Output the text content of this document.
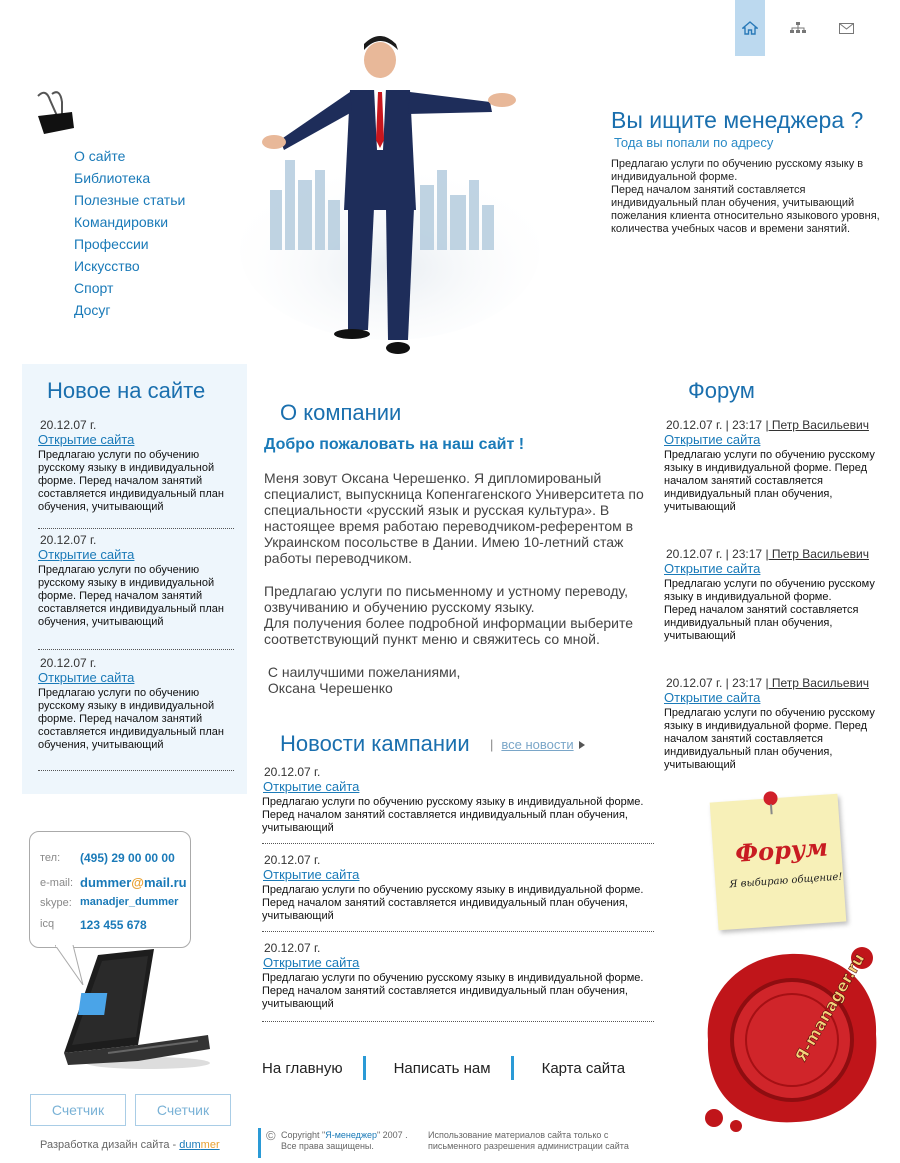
О сайте
Библиотека
Полезные статьи
Командировки
Профессии
Искусство
Спорт
Досуг
Вы ищите менеджера ?
Тода вы попали по адресу
Предлагаю услуги по обучению русскому языку в индивидуальной форме.
Перед началом занятий составляется индивидуальный план обучения, учитывающий пожелания клиента относительно языкового уровня, количества учебных часов и времени занятий.
Новое на сайте
20.12.07 г.
Открытие сайта
Предлагаю услуги по обучению русскому языку в индивидуальной форме. Перед началом занятий составляется индивидуальный план обучения, учитывающий
20.12.07 г.
Открытие сайта
Предлагаю услуги по обучению русскому языку в индивидуальной форме. Перед началом занятий составляется индивидуальный план обучения, учитывающий
20.12.07 г.
Открытие сайта
Предлагаю услуги по обучению русскому языку в индивидуальной форме. Перед началом занятий составляется индивидуальный план обучения, учитывающий
О компании
Добро пожаловать на наш сайт !
Меня зовут Оксана Черешенко. Я дипломированый специалист, выпускница Копенгагенского Университета по специальности «русский язык и русская культура». В настоящее время работаю переводчиком-референтом в Украинском посольстве в Дании. Имею 10-летний стаж работы переводчиком.
Предлагаю услуги по письменному и устному переводу, озвучиванию и обучению русскому языку.
Для получения более подробной информации выберите соответствующий пункт меню и свяжитесь со мной.
С наилучшими пожеланиями,
Оксана Черешенко
Новости кампании | все новости
20.12.07 г.
Открытие сайта
Предлагаю услуги по обучению русскому языку в индивидуальной форме. Перед началом занятий составляется индивидуальный план обучения, учитывающий
20.12.07 г.
Открытие сайта
Предлагаю услуги по обучению русскому языку в индивидуальной форме. Перед началом занятий составляется индивидуальный план обучения, учитывающий
20.12.07 г.
Открытие сайта
Предлагаю услуги по обучению русскому языку в индивидуальной форме. Перед началом занятий составляется индивидуальный план обучения, учитывающий
На главную	Написать нам	Карта сайта
Форум
20.12.07 г. | 23:17 | Петр Васильевич
Открытие сайта
Предлагаю услуги по обучению русскому языку в индивидуальной форме. Перед началом занятий составляется индивидуальный план обучения, учитывающий
20.12.07 г. | 23:17 | Петр Васильевич
Открытие сайта
Предлагаю услуги по обучению русскому языку в индивидуальной форме.
Перед началом занятий составляется индивидуальный план обучения, учитывающий
20.12.07 г. | 23:17 | Петр Васильевич
Открытие сайта
Предлагаю услуги по обучению русскому языку в индивидуальной форме. Перед началом занятий составляется индивидуальный план обучения, учитывающий
Форум
Я выбираю общение!
Я-manager.ru
тел: (495) 29 00 00 00
e-mail: dummer@mail.ru
skype: manadjer_dummer
icq 123 455 678
Счетчик	Счетчик
Разработка дизайн сайта - dummer
© Copyright "Я-менеджер" 2007 .
Все права защищены.
Использование материалов сайта только с письменного разрешения администрации сайта
